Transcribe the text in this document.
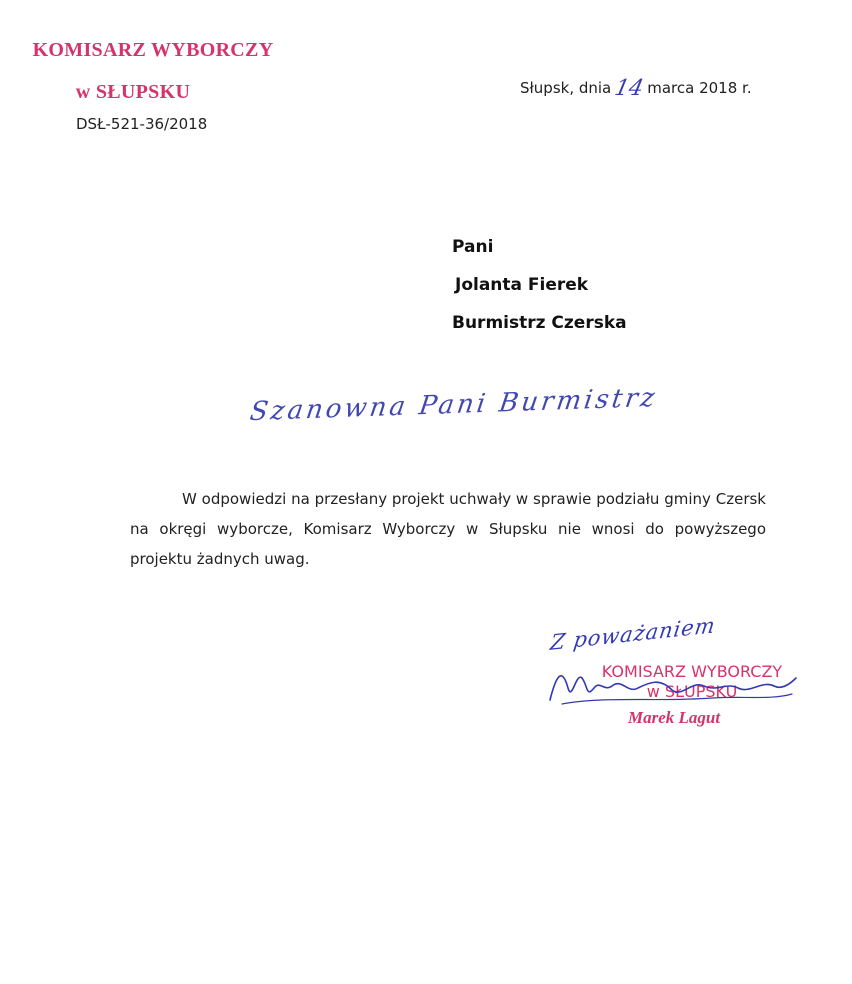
KOMISARZ WYBORCZY
w SŁUPSKU
DSŁ-521-36/2018
Słupsk, dnia14marca 2018 r.
Pani
Jolanta Fierek
Burmistrz Czerska
Szanowna Pani Burmistrz
W odpowiedzi na przesłany projekt uchwały w sprawie podziału gminy Czersk na okręgi wyborcze, Komisarz Wyborczy w Słupsku nie wnosi do powyższego projektu żadnych uwag.
Z poważaniem
KOMISARZ WYBORCZY
w SŁUPSKU
Marek Lagut
